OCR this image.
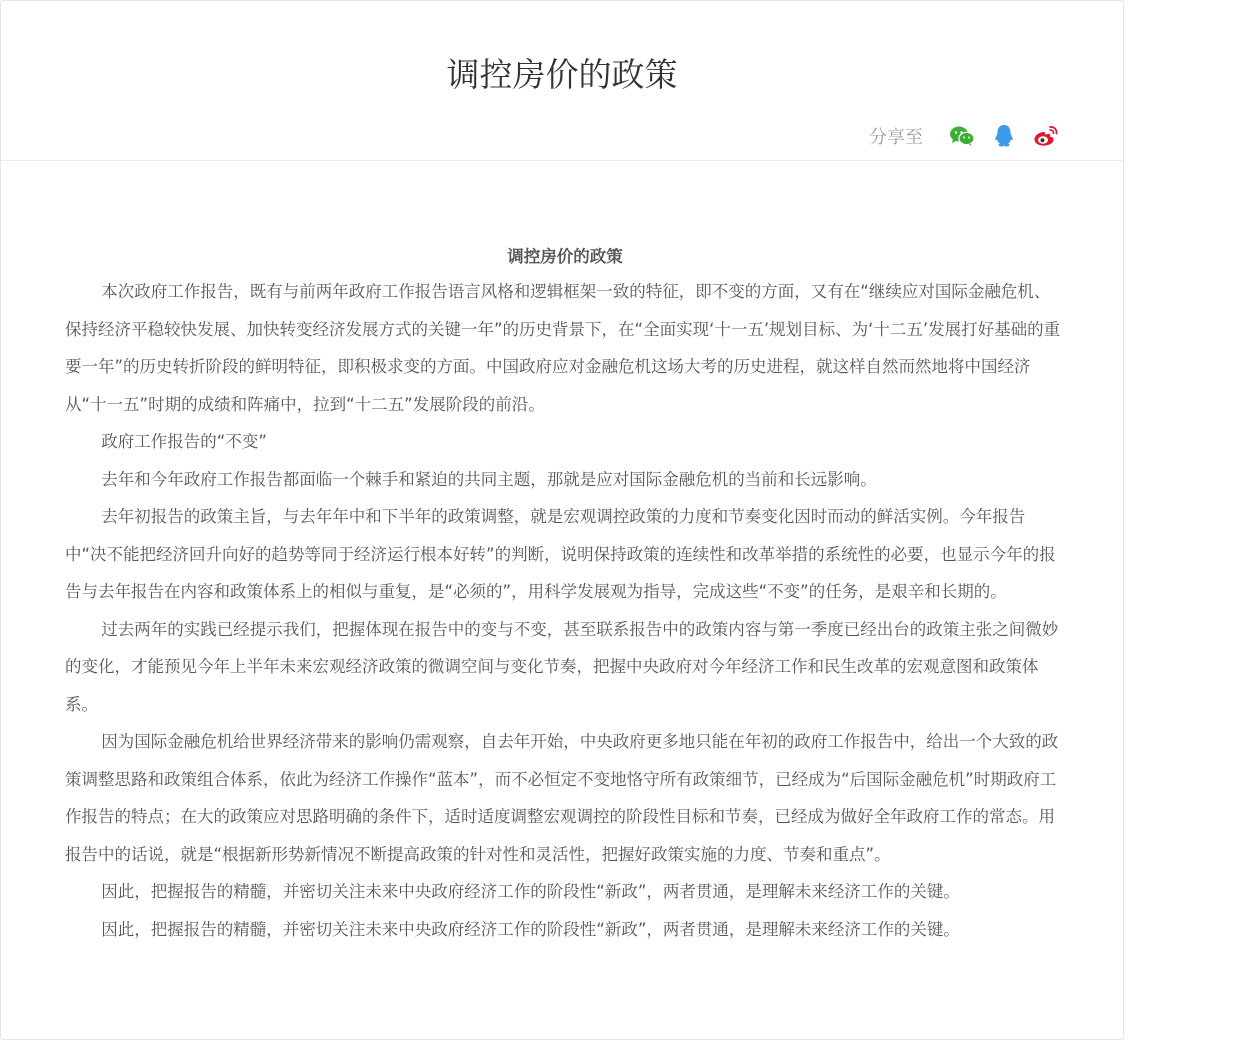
调控房价的政策
分享至

调控房价的政策

本次政府工作报告，既有与前两年政府工作报告语言风格和逻辑框架一致的特征，即不变的方面，又有在“继续应对国际金融危机、保持经济平稳较快发展、加快转变经济发展方式的关键一年”的历史背景下，在“全面实现‘十一五’规划目标、为‘十二五’发展打好基础的重要一年”的历史转折阶段的鲜明特征，即积极求变的方面。中国政府应对金融危机这场大考的历史进程，就这样自然而然地将中国经济从“十一五”时期的成绩和阵痛中，拉到“十二五”发展阶段的前沿。

政府工作报告的“不变”

去年和今年政府工作报告都面临一个棘手和紧迫的共同主题，那就是应对国际金融危机的当前和长远影响。

去年初报告的政策主旨，与去年年中和下半年的政策调整，就是宏观调控政策的力度和节奏变化因时而动的鲜活实例。今年报告中“决不能把经济回升向好的趋势等同于经济运行根本好转”的判断，说明保持政策的连续性和改革举措的系统性的必要，也显示今年的报告与去年报告在内容和政策体系上的相似与重复，是“必须的”，用科学发展观为指导，完成这些“不变”的任务，是艰辛和长期的。

过去两年的实践已经提示我们，把握体现在报告中的变与不变，甚至联系报告中的政策内容与第一季度已经出台的政策主张之间微妙的变化，才能预见今年上半年未来宏观经济政策的微调空间与变化节奏，把握中央政府对今年经济工作和民生改革的宏观意图和政策体系。

因为国际金融危机给世界经济带来的影响仍需观察，自去年开始，中央政府更多地只能在年初的政府工作报告中，给出一个大致的政策调整思路和政策组合体系，依此为经济工作操作“蓝本”，而不必恒定不变地恪守所有政策细节，已经成为“后国际金融危机”时期政府工作报告的特点；在大的政策应对思路明确的条件下，适时适度调整宏观调控的阶段性目标和节奏，已经成为做好全年政府工作的常态。用报告中的话说，就是“根据新形势新情况不断提高政策的针对性和灵活性，把握好政策实施的力度、节奏和重点”。

因此，把握报告的精髓，并密切关注未来中央政府经济工作的阶段性“新政”，两者贯通，是理解未来经济工作的关键。

因此，把握报告的精髓，并密切关注未来中央政府经济工作的阶段性“新政”，两者贯通，是理解未来经济工作的关键。
